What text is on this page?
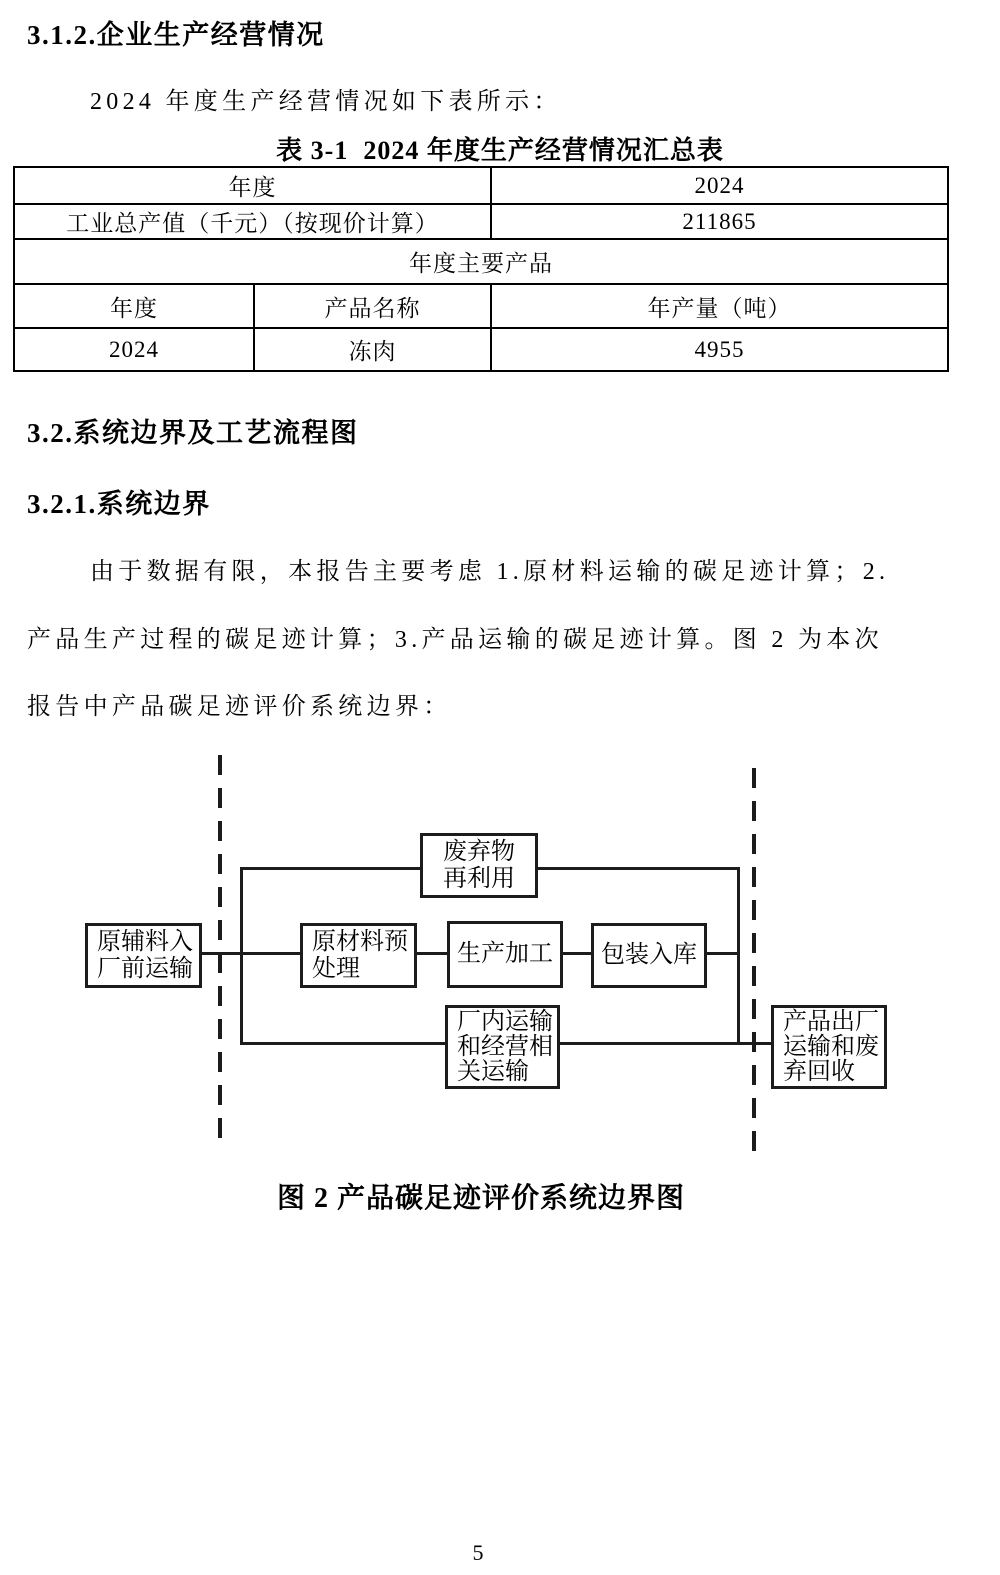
3.1.2.企业生产经营情况
2024 年度生产经营情况如下表所示：
表 3-1  2024 年度生产经营情况汇总表
年度		2024
工业总产值（千元）（按现价计算）		211865
年度主要产品		
年度	产品名称	年产量（吨）
2024	冻肉	4955
3.2.系统边界及工艺流程图
3.2.1.系统边界
由于数据有限，本报告主要考虑 1.原材料运输的碳足迹计算；2.
产品生产过程的碳足迹计算；3.产品运输的碳足迹计算。图 2 为本次
报告中产品碳足迹评价系统边界：
原辅料入
厂前运输
废弃物
再利用
原材料预
处理
生产加工 包装入库
厂内运输
和经营相
关运输
产品出厂
运输和废
弃回收
图 2 产品碳足迹评价系统边界图
5
